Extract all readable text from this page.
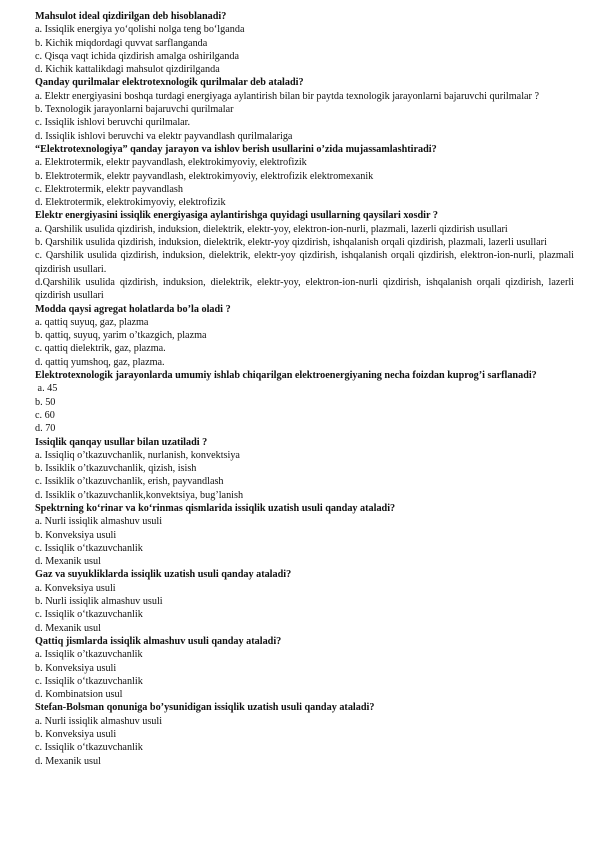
Mahsulot ideal qizdirilgan deb hisoblanadi?

a. Issiqlik energiya yo‘qolishi nolga teng bo‘lganda

b. Kichik miqdordagi quvvat sarflanganda

c. Qisqa vaqt ichida qizdirish amalga oshirilganda

d. Kichik kattalikdagi mahsulot qizdirilganda

Qanday qurilmalar elektrotexnologik qurilmalar deb ataladi?

a. Elektr energiyasini boshqa turdagi energiyaga aylantirish bilan bir paytda texnologik jarayonlarni bajaruvchi qurilmalar ?

b. Texnologik jarayonlarni bajaruvchi qurilmalar

c. Issiqlik ishlovi beruvchi qurilmalar.

d. Issiqlik ishlovi beruvchi va elektr payvandlash qurilmalariga

“Elektrotexnologiya” qanday jarayon va ishlov berish usullarini o’zida mujassamlashtiradi?

a. Elektrotermik, elektr payvandlash, elektrokimyoviy, elektrofizik

b. Elektrotermik, elektr payvandlash, elektrokimyoviy, elektrofizik elektromexanik

c. Elektrotermik, elektr payvandlash

d. Elektrotermik, elektrokimyoviy, elektrofizik

Elektr energiyasini issiqlik energiyasiga aylantirishga quyidagi usullarning qaysilari xosdir ?

a. Qarshilik usulida qizdirish, induksion, dielektrik, elektr-yoy, elektron-ion-nurli, plazmali, lazerli qizdirish usullari

b. Qarshilik usulida qizdirish, induksion, dielektrik, elektr-yoy qizdirish, ishqalanish orqali qizdirish, plazmali, lazerli usullari

c. Qarshilik usulida qizdirish, induksion, dielektrik, elektr-yoy qizdirish, ishqalanish orqali qizdirish, elektron-ion-nurli, plazmali qizdirish usullari.

d.Qarshilik usulida qizdirish, induksion, dielektrik, elektr-yoy, elektron-ion-nurli qizdirish, ishqalanish orqali qizdirish, lazerli qizdirish usullari

Modda qaysi agregat holatlarda bo’la oladi ?

a. qattiq suyuq, gaz, plazma

b. qattiq, suyuq, yarim o’tkazgich, plazma

c. qattiq dielektrik, gaz, plazma.

d. qattiq yumshoq, gaz, plazma.

Elektrotexnologik jarayonlarda umumiy ishlab chiqarilgan elektroenergiyaning necha foizdan kuprog’i sarflanadi?

a. 45

b. 50

c. 60

d. 70

Issiqlik qanqay usullar bilan uzatiladi ?

a. Issiqliq o’tkazuvchanlik, nurlanish, konvektsiya

b. Issiklik o’tkazuvchanlik, qizish, isish

c. Issiklik o’tkazuvchanlik, erish, payvandlash

d. Issiklik o’tkazuvchanlik,konvektsiya, bug’lanish

Spektrning ko‘rinar va ko‘rinmas qismlarida issiqlik uzatish usuli qanday ataladi?

a. Nurli issiqlik almashuv usuli

b. Konveksiya usuli

c. Issiqlik o‘tkazuvchanlik

d. Mexanik usul

Gaz va suyukliklarda issiqlik uzatish usuli qanday ataladi?

a. Konveksiya usuli

b. Nurli issiqlik almashuv usuli

c. Issiqlik o‘tkazuvchanlik

d. Mexanik usul

Qattiq jismlarda issiqlik almashuv usuli qanday ataladi?

a. Issiqlik o’tkazuvchanlik

b. Konveksiya usuli

c. Issiqlik o‘tkazuvchanlik

d. Kombinatsion usul

Stefan-Bolsman qonuniga bo’ysunidigan issiqlik uzatish usuli qanday ataladi?

a. Nurli issiqlik almashuv usuli

b. Konveksiya usuli

c. Issiqlik o‘tkazuvchanlik

d. Mexanik usul
